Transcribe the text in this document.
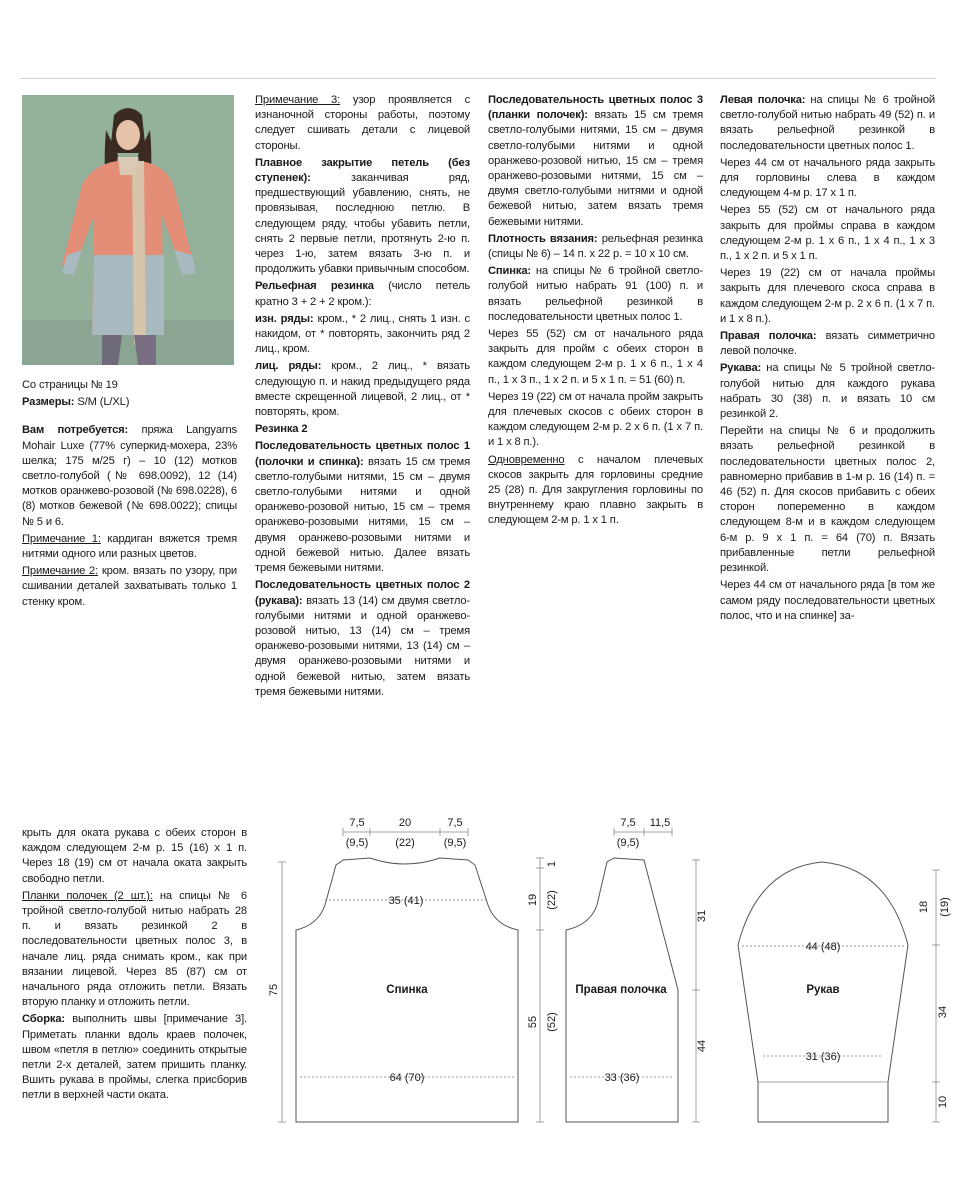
Со страницы № 19

Размеры: S/M (L/XL)

Вам потребуется: пряжа Langyarns Mohair Luxe (77% суперкид-мохера, 23% шелка; 175 м/25 г) – 10 (12) мотков светло-голубой (№ 698.0092), 12 (14) мотков оранжево-розовой (№ 698.0228), 6 (8) мотков бежевой (№ 698.0022); спицы № 5 и 6.

Примечание 1: кардиган вяжется тремя нитями одного или разных цветов.

Примечание 2: кром. вязать по узору, при сшивании деталей захватывать только 1 стенку кром.

Примечание 3: узор проявляется с изнаночной стороны работы, поэтому следует сшивать детали с лицевой стороны.

Плавное закрытие петель (без ступенек):	заканчивая ряд, предшествующий убавлению, снять, не провязывая, последнюю петлю. В следующем ряду, чтобы убавить петли, снять 2 первые петли, протянуть 2-ю п. через 1-ю, затем вязать 3-ю п. и продолжить убавки привычным способом.

Рельефная резинка (число петель кратно 3 + 2 + 2 кром.):

изн. ряды: кром., * 2 лиц., снять 1 изн. с накидом, от * повторять, закончить ряд 2 лиц., кром.

лиц. ряды: кром., 2 лиц., * вязать следующую п. и накид предыдущего ряда вместе скрещенной лицевой, 2 лиц., от * повторять, кром.

Резинка 2

Последовательность цветных полос 1 (полочки и спинка): вязать 15 см тремя светло-голубыми нитями, 15 см – двумя светло-голубыми нитями и одной оранжево-розовой нитью, 15 см – тремя оранжево-розовыми нитями, 15 см – двумя оранжево-розовыми нитями и одной бежевой нитью. Далее вязать тремя бежевыми нитями.

Последовательность цветных полос 2 (рукава): вязать 13 (14) см двумя светло-голубыми нитями и одной оранжево-розовой нитью, 13 (14) см – тремя оранжево-розовыми нитями, 13 (14) см – двумя оранжево-розовыми нитями и одной бежевой нитью, затем вязать тремя бежевыми нитями.

Последовательность цветных полос 3 (планки полочек): вязать 15 см тремя светло-голубыми нитями, 15 см – двумя светло-голубыми нитями и одной оранжево-розовой нитью, 15 см – тремя оранжево-розовыми нитями, 15 см – двумя светло-голубыми нитями и одной бежевой нитью, затем вязать тремя бежевыми нитями.

Плотность вязания: рельефная резинка (спицы № 6) – 14 п. х 22 р. = 10 х 10 см.

Спинка: на спицы № 6 тройной светло-голубой нитью набрать 91 (100) п. и вязать рельефной резинкой в последовательности цветных полос 1.

Через 55 (52) см от начального ряда закрыть для пройм с обеих сторон в каждом следующем 2-м р. 1 х 6 п., 1 х 4 п., 1 х 3 п., 1 х 2 п. и 5 х 1 п. = 51 (60) п.

Через 19 (22) см от начала пройм закрыть для плечевых скосов с обеих сторон в каждом следующем 2-м р. 2 х 6 п. (1 х 7 п. и 1 х 8 п.).

Одновременно с началом плечевых скосов закрыть для горловины средние 25 (28) п. Для закругления горловины по внутреннему краю плавно закрыть в следующем 2-м р. 1 х 1 п.

Левая полочка: на спицы № 6 тройной светло-голубой нитью набрать 49 (52) п. и вязать рельефной резинкой в последовательности цветных полос 1.

Через 44 см от начального ряда закрыть для горловины слева в каждом следующем 4-м р. 17 х 1 п.

Через 55 (52) см от начального ряда закрыть для проймы справа в каждом следующем 2-м р. 1 х 6 п., 1 х 4 п., 1 х 3 п., 1 х 2 п. и 5 х 1 п.

Через 19 (22) см от начала проймы закрыть для плечевого скоса справа в каждом следующем 2-м р. 2 х 6 п. (1 х 7 п. и 1 х 8 п.).

Правая полочка: вязать симметрично левой полочке.

Рукава: на спицы № 5 тройной светло-голубой нитью для каждого рукава набрать 30 (38) п. и вязать 10 см резинкой 2.

Перейти на спицы № 6 и продолжить вязать рельефной резинкой в последовательности цветных полос 2, равномерно прибавив в 1-м р. 16 (14) п. = 46 (52) п. Для скосов прибавить с обеих сторон попеременно в каждом следующем 8-м и в каждом следующем 6-м р. 9 х 1 п. = 64 (70) п. Вязать прибавленные петли рельефной резинкой.

Через 44 см от начального ряда [в том же самом ряду последовательности цветных полос, что и на спинке] за-

крыть для оката рукава с обеих сторон в каждом следующем 2-м р. 15 (16) х 1 п. Через 18 (19) см от начала оката закрыть свободно петли.

Планки полочек (2 шт.): на спицы № 6 тройной светло-голубой нитью набрать 28 п. и вязать резинкой 2 в последовательности цветных полос 3, в начале лиц. ряда снимать кром., как при вязании лицевой. Через 85 (87) см от начального ряда отложить петли. Вязать вторую планку и отложить петли.

Сборка: выполнить швы [примечание 3]. Приметать планки вдоль краев полочек, швом «петля в петлю» соединить открытые петли 2-х деталей, затем пришить планку. Вшить рукава в проймы, слегка присборив петли в верхней части оката.

7,5
(9,5)
20
(22)
7,5
(9,5)
35 (41)
64 (70)
Спинка
75
1
19 (22)
55 (52)
7,5
(9,5)
11,5
Правая полочка
33 (36)
31
44
44 (48)
Рукав
31 (36)
18 (19)
34
10
